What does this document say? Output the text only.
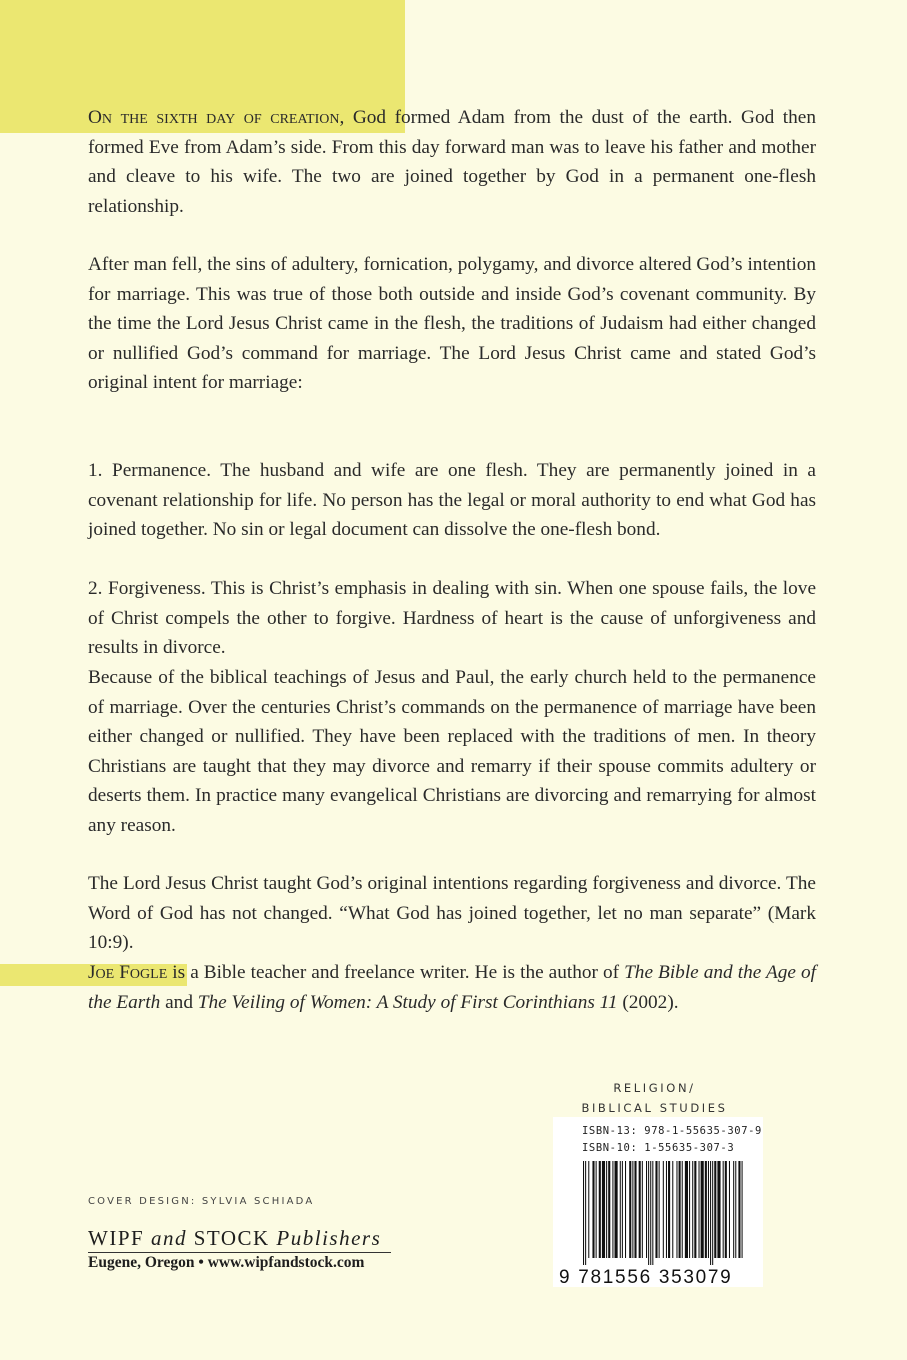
On the sixth day of creation, God formed Adam from the dust of the earth. God then formed Eve from Adam’s side. From this day forward man was to leave his father and mother and cleave to his wife. The two are joined together by God in a permanent one-flesh relationship.

After man fell, the sins of adultery, fornication, polygamy, and divorce altered God’s intention for marriage. This was true of those both outside and inside God’s covenant community. By the time the Lord Jesus Christ came in the flesh, the traditions of Judaism had either changed or nullified God’s command for marriage. The Lord Jesus Christ came and stated God’s original intent for marriage:

1. Permanence. The husband and wife are one flesh. They are permanently joined in a covenant relationship for life. No person has the legal or moral authority to end what God has joined together. No sin or legal document can dissolve the one-flesh bond.

2. Forgiveness. This is Christ’s emphasis in dealing with sin. When one spouse fails, the love of Christ compels the other to forgive. Hardness of heart is the cause of unforgiveness and results in divorce.

Because of the biblical teachings of Jesus and Paul, the early church held to the permanence of marriage. Over the centuries Christ’s commands on the permanence of marriage have been either changed or nullified. They have been replaced with the traditions of men. In theory Christians are taught that they may divorce and remarry if their spouse commits adultery or deserts them. In practice many evangelical Christians are divorcing and remarrying for almost any reason.

The Lord Jesus Christ taught God’s original intentions regarding forgiveness and divorce. The Word of God has not changed. “What God has joined together, let no man separate” (Mark 10:9).

Joe Fogle is a Bible teacher and freelance writer. He is the author of The Bible and the Age of the Earth and The Veiling of Women: A Study of First Corinthians 11 (2002).

RELIGION/
BIBLICAL STUDIES
ISBN-13: 978-1-55635-307-9
ISBN-10: 1-55635-307-3
9 781556 353079
COVER DESIGN: SYLVIA SCHIADA
WIPF and STOCK Publishers
Eugene, Oregon • www.wipfandstock.com
